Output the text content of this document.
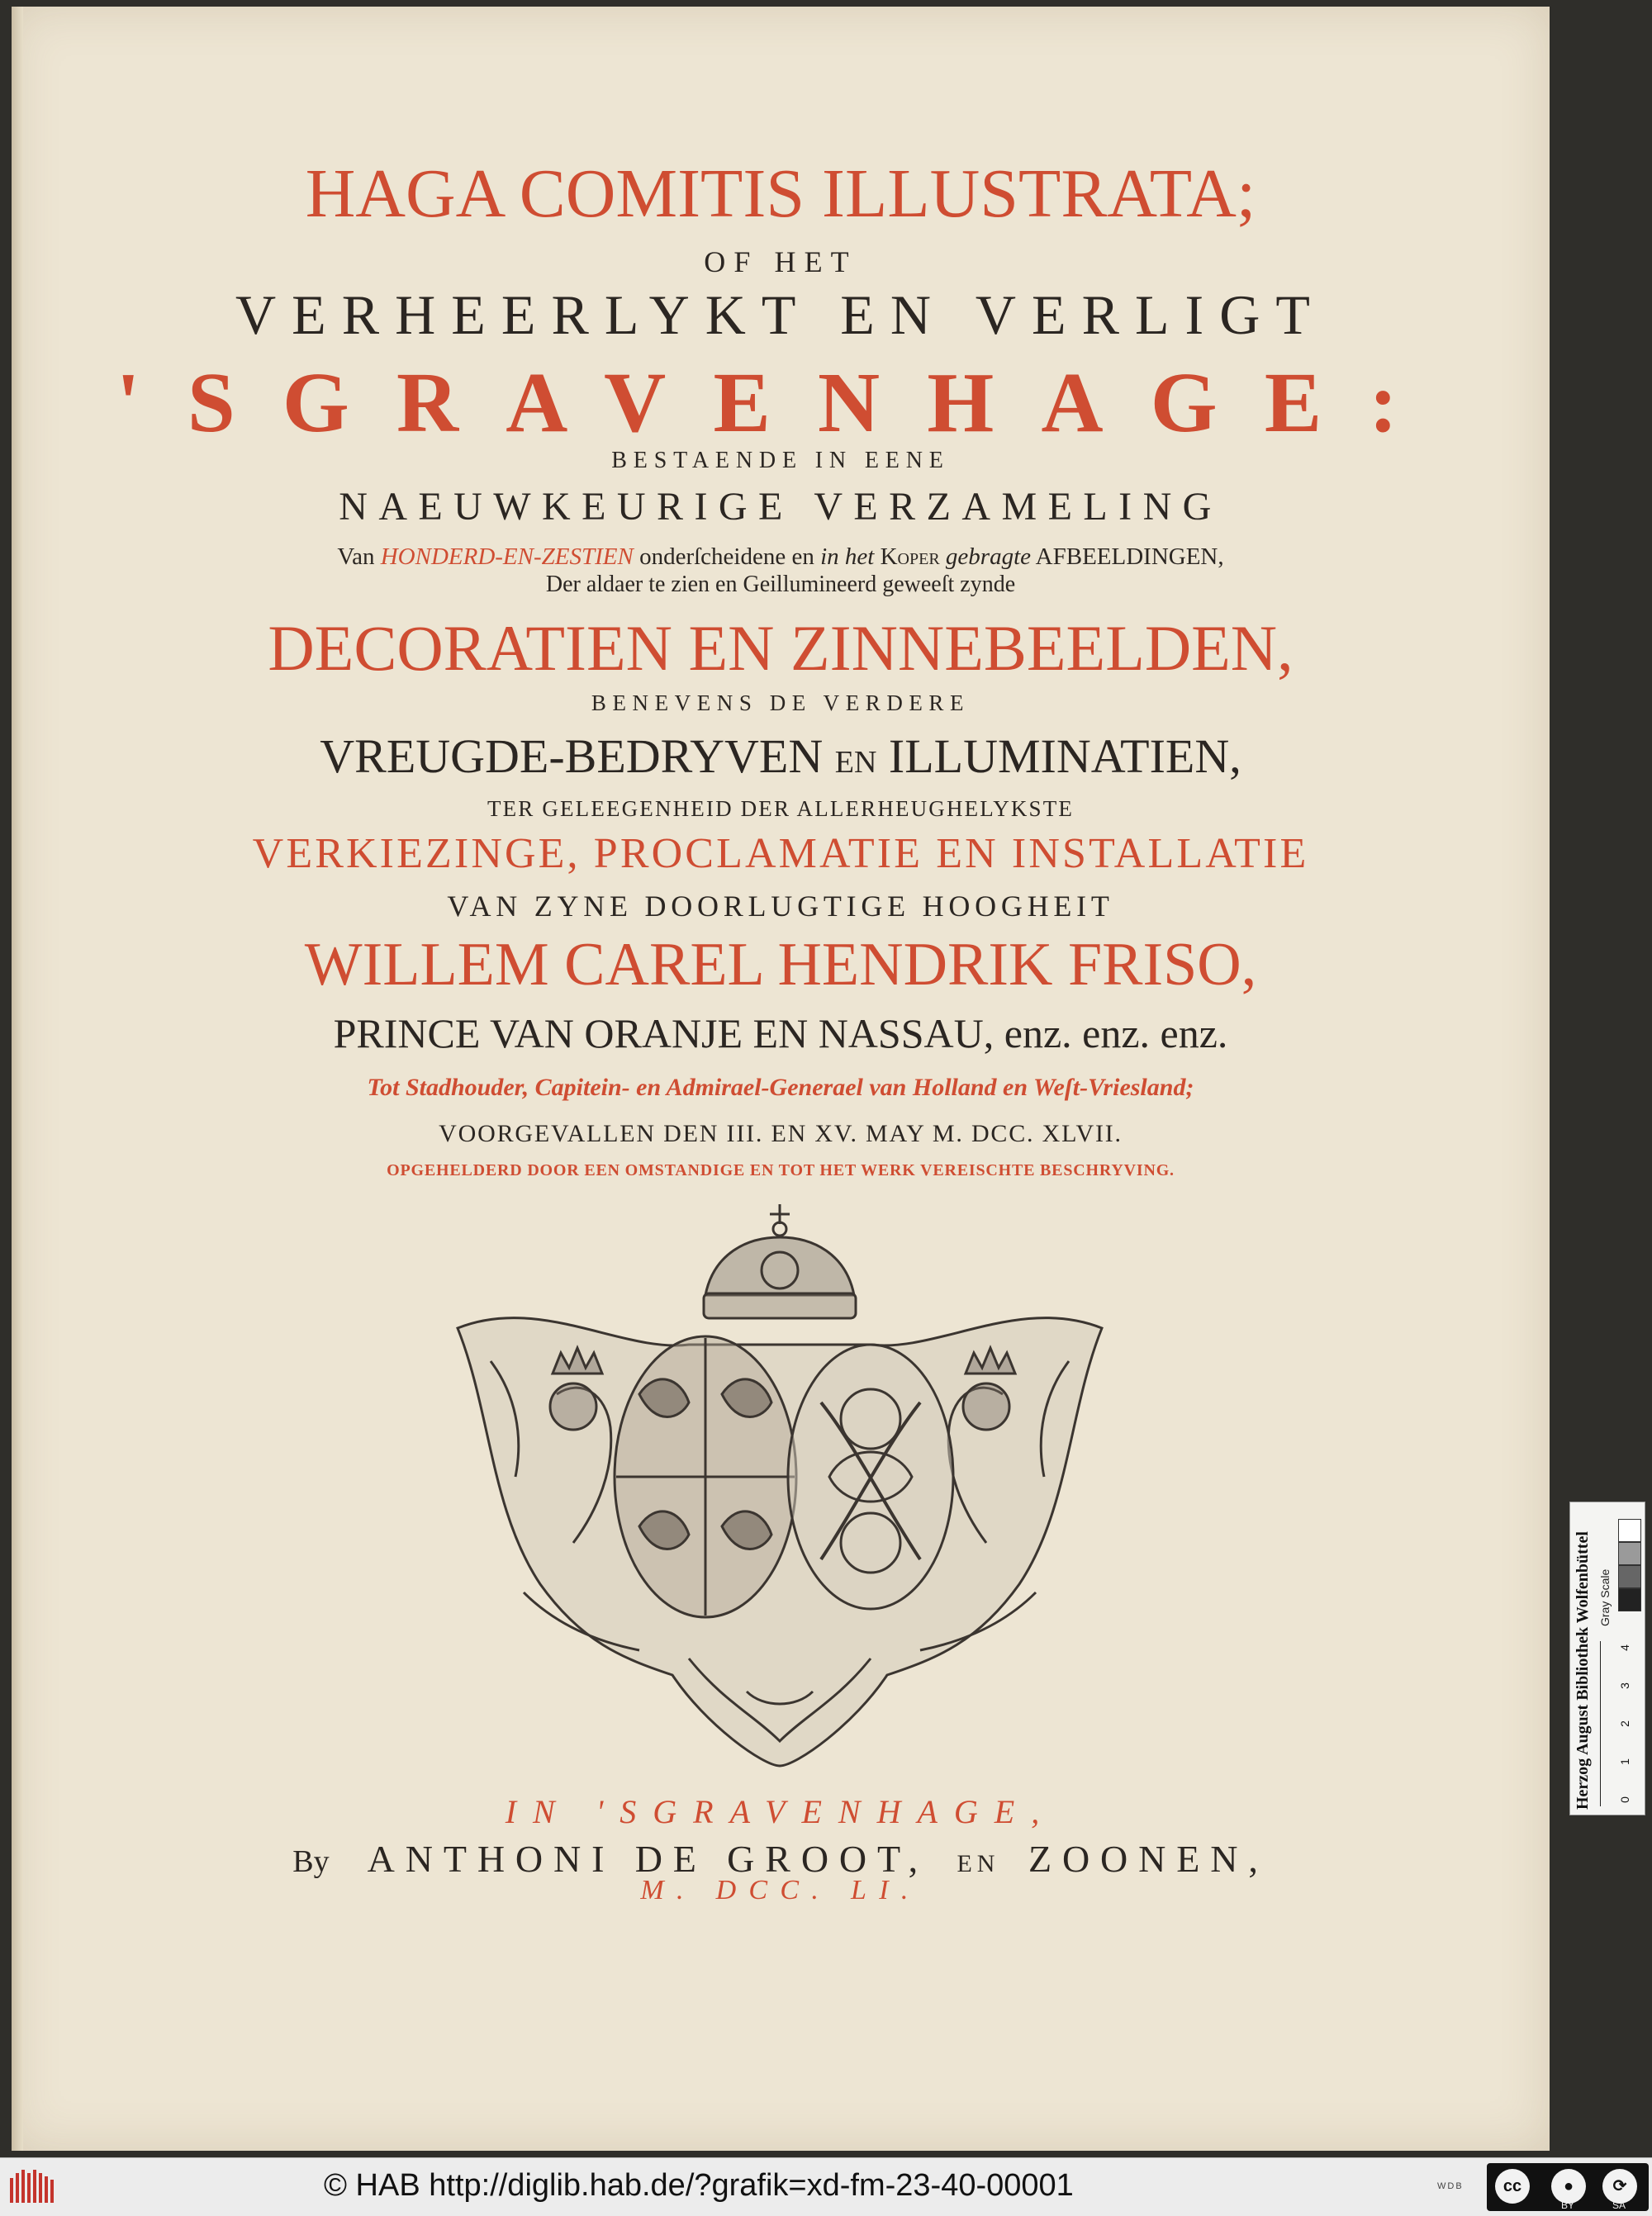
HAGA COMITIS ILLUSTRATA;

OF HET

VERHEERLYKT EN VERLIGT

'SGRAVENHAGE:

BESTAENDE IN EENE

NAEUWKEURIGE VERZAMELING

Van HONDERD-EN-ZESTIEN onderſcheidene en in het Koper gebragte AFBEELDINGEN,

Der aldaer te zien en Geillumineerd geweeſt zynde

DECORATIEN EN ZINNEBEELDEN,

BENEVENS DE VERDERE

VREUGDE-BEDRYVEN EN ILLUMINATIEN,

TER GELEEGENHEID DER ALLERHEUGHELYKSTE

VERKIEZINGE, PROCLAMATIE EN INSTALLATIE

VAN ZYNE DOORLUGTIGE HOOGHEIT

WILLEM CAREL HENDRIK FRISO,

PRINCE VAN ORANJE EN NASSAU, enz. enz. enz.

Tot Stadhouder, Capitein- en Admirael-Generael van Holland en Weſt-Vriesland;

VOORGEVALLEN DEN III. EN XV. MAY M. DCC. XLVII.

OPGEHELDERD DOOR EEN OMSTANDIGE EN TOT HET WERK VEREISCHTE BESCHRYVING.

IN 'SGRAVENHAGE,
By ANTHONI DE GROOT, EN ZOONEN,
M. DCC. LI.
Herzog August Bibliothek Wolfenbüttel Gray Scale
0
1
2
3
4
© HAB http://diglib.hab.de/?grafik=xd-fm-23-40-00001	WDB	cc	●	⟳
BY	SA
